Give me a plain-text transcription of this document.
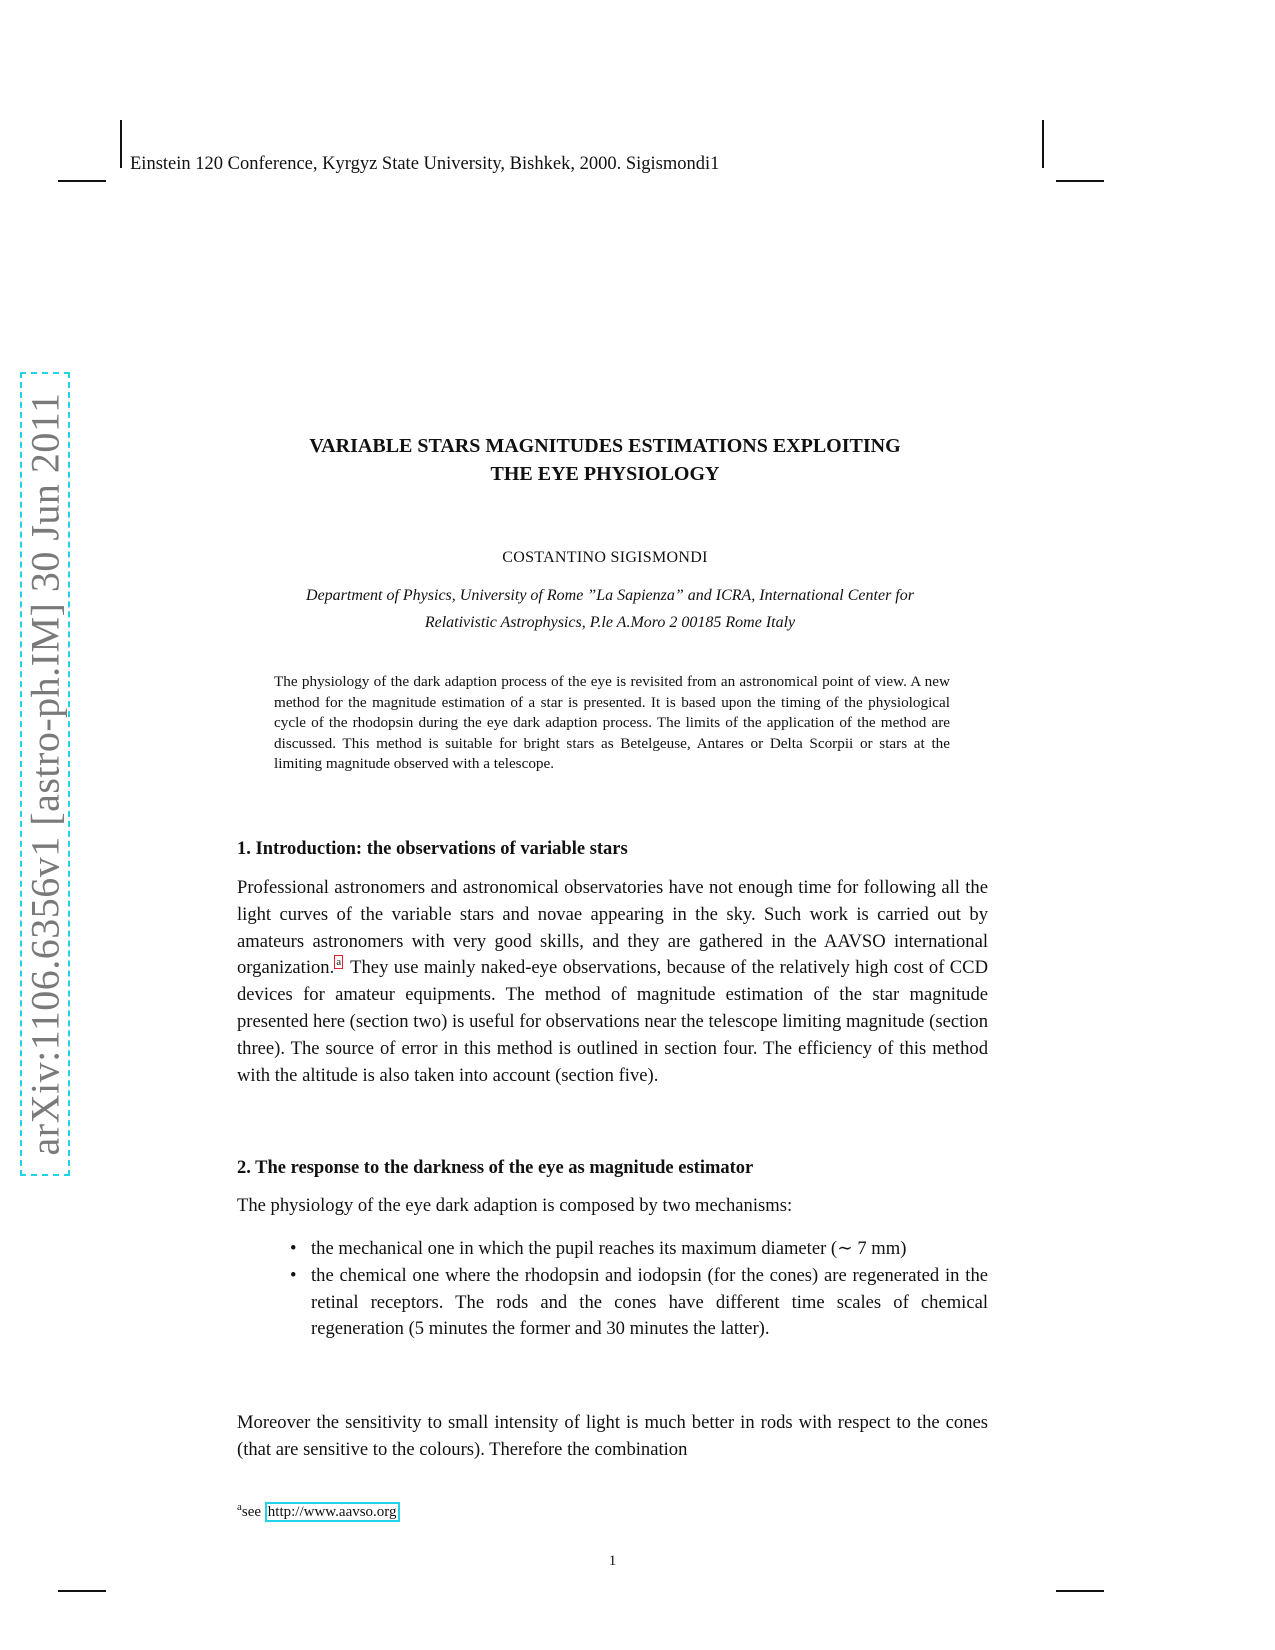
Einstein 120 Conference, Kyrgyz State University, Bishkek, 2000. Sigismondi1
arXiv:1106.6356v1 [astro-ph.IM] 30 Jun 2011	VARIABLE STARS MAGNITUDES ESTIMATIONS EXPLOITING
THE EYE PHYSIOLOGY
COSTANTINO SIGISMONDI
Department of Physics, University of Rome ”La Sapienza” and ICRA, International Center for
Relativistic Astrophysics, P.le A.Moro 2 00185 Rome Italy
The physiology of the dark adaption process of the eye is revisited from an astronomical point of view. A new method for the magnitude estimation of a star is presented. It is based upon the timing of the physiological cycle of the rhodopsin during the eye dark adaption process. The limits of the application of the method are discussed. This method is suitable for bright stars as Betelgeuse, Antares or Delta Scorpii or stars at the limiting magnitude observed with a telescope.
1. Introduction: the observations of variable stars
Professional astronomers and astronomical observatories have not enough time for following all the light curves of the variable stars and novae appearing in the sky. Such work is carried out by amateurs astronomers with very good skills, and they are gathered in the AAVSO international organization. a They use mainly naked-eye observations, because of the relatively high cost of CCD devices for amateur equipments. The method of magnitude estimation of the star magnitude presented here (section two) is useful for observations near the telescope limiting magnitude (section three). The source of error in this method is outlined in section four. The efficiency of this method with the altitude is also taken into account (section five).
2. The response to the darkness of the eye as magnitude estimator
The physiology of the eye dark adaption is composed by two mechanisms:
• the mechanical one in which the pupil reaches its maximum diameter (∼ 7 mm)
• the chemical one where the rhodopsin and iodopsin (for the cones) are regenerated in the retinal receptors. The rods and the cones have different time scales of chemical regeneration (5 minutes the former and 30 minutes the latter).
Moreover the sensitivity to small intensity of light is much better in rods with respect to the cones (that are sensitive to the colours). Therefore the combination
$^a$see http://www.aavso.org
1
